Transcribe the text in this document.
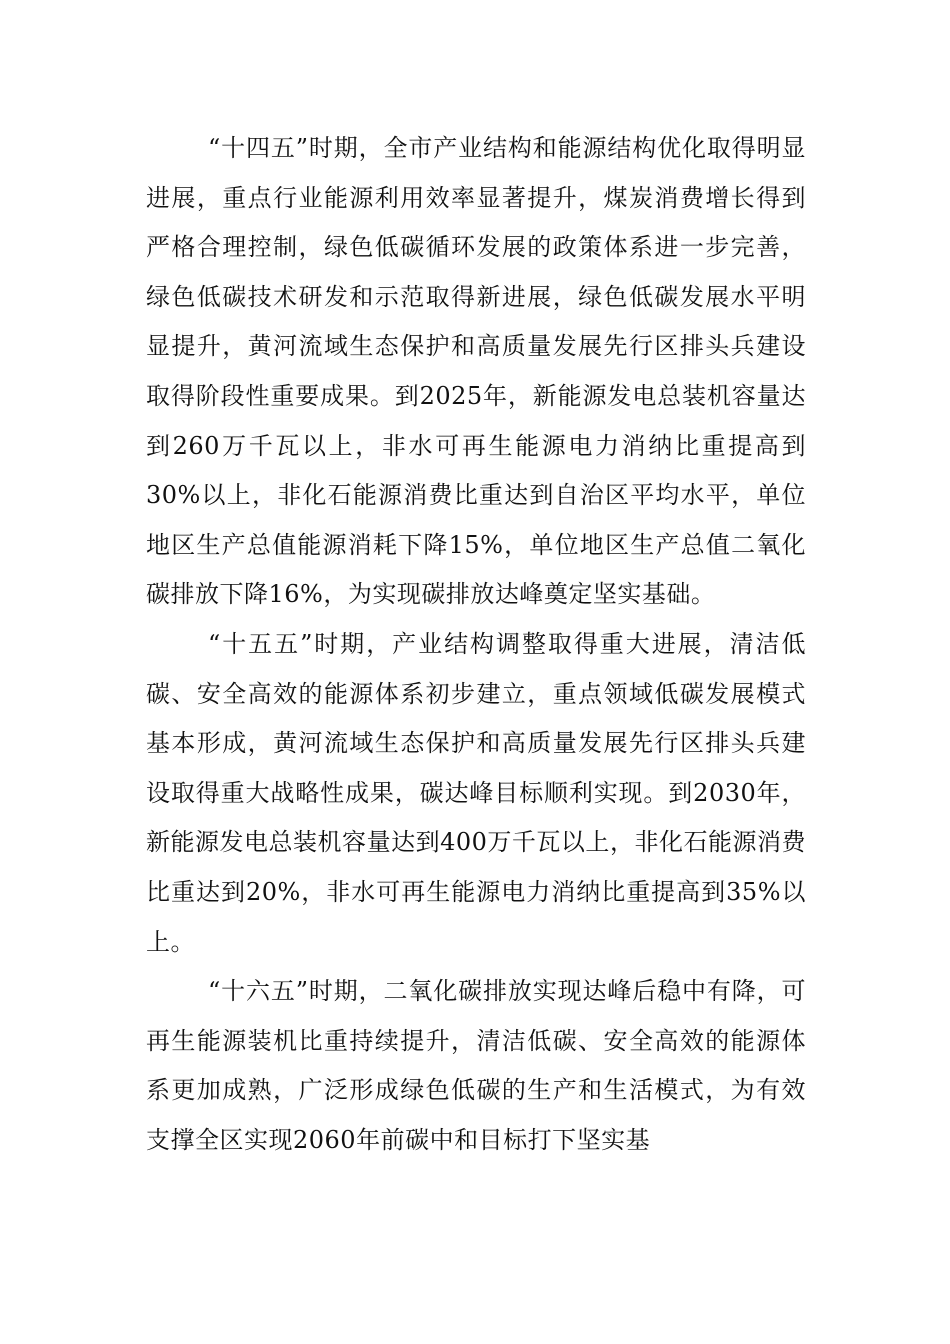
“十四五”时期，全市产业结构和能源结构优化取得明显进展，重点行业能源利用效率显著提升，煤炭消费增长得到严格合理控制，绿色低碳循环发展的政策体系进一步完善，绿色低碳技术研发和示范取得新进展，绿色低碳发展水平明显提升，黄河流域生态保护和高质量发展先行区排头兵建设取得阶段性重要成果。到2025年，新能源发电总装机容量达到260万千瓦以上，非水可再生能源电力消纳比重提高到30%以上，非化石能源消费比重达到自治区平均水平，单位地区生产总值能源消耗下降15%，单位地区生产总值二氧化碳排放下降16%，为实现碳排放达峰奠定坚实基础。

“十五五”时期，产业结构调整取得重大进展，清洁低碳、安全高效的能源体系初步建立，重点领域低碳发展模式基本形成，黄河流域生态保护和高质量发展先行区排头兵建设取得重大战略性成果，碳达峰目标顺利实现。到2030年，新能源发电总装机容量达到400万千瓦以上，非化石能源消费比重达到20%，非水可再生能源电力消纳比重提高到35%以上。

“十六五”时期，二氧化碳排放实现达峰后稳中有降，可再生能源装机比重持续提升，清洁低碳、安全高效的能源体系更加成熟，广泛形成绿色低碳的生产和生活模式，为有效支撑全区实现2060年前碳中和目标打下坚实基
